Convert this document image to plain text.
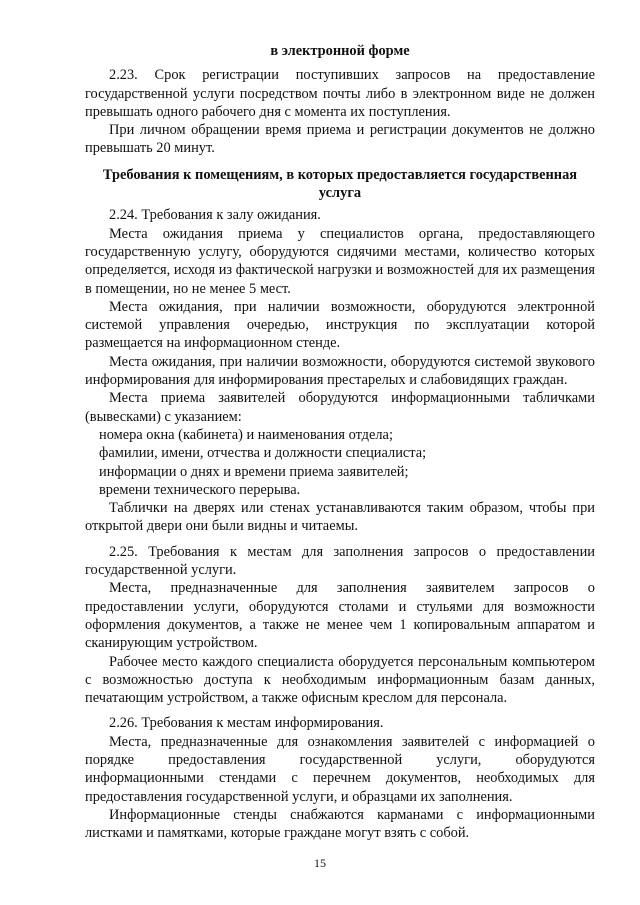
в электронной форме

2.23. Срок регистрации поступивших запросов на предоставление государственной услуги посредством почты либо в электронном виде не должен превышать одного рабочего дня с момента их поступления.

При личном обращении время приема и регистрации документов не должно превышать 20 минут.

Требования к помещениям, в которых предоставляется государственная услуга

2.24. Требования к залу ожидания.

Места ожидания приема у специалистов органа, предоставляющего государственную услугу, оборудуются сидячими местами, количество которых определяется, исходя из фактической нагрузки и возможностей для их размещения в помещении, но не менее 5 мест.

Места ожидания, при наличии возможности, оборудуются электронной системой управления очередью, инструкция по эксплуатации которой размещается на информационном стенде.

Места ожидания, при наличии возможности, оборудуются системой звукового информирования для информирования престарелых и слабовидящих граждан.

Места приема заявителей оборудуются информационными табличками (вывесками) с указанием:

номера окна (кабинета) и наименования отдела;

фамилии, имени, отчества и должности специалиста;

информации о днях и времени приема заявителей;

времени технического перерыва.

Таблички на дверях или стенах устанавливаются таким образом, чтобы при открытой двери они были видны и читаемы.

2.25. Требования к местам для заполнения запросов о предоставлении государственной услуги.

Места, предназначенные для заполнения заявителем запросов о предоставлении услуги, оборудуются столами и стульями для возможности оформления документов, а также не менее чем 1 копировальным аппаратом и сканирующим устройством.

Рабочее место каждого специалиста оборудуется персональным компьютером с возможностью доступа к необходимым информационным базам данных, печатающим устройством, а также офисным креслом для персонала.

2.26. Требования к местам информирования.

Места, предназначенные для ознакомления заявителей с информацией о порядке предоставления государственной услуги, оборудуются информационными стендами с перечнем документов, необходимых для предоставления государственной услуги, и образцами их заполнения.

Информационные стенды снабжаются карманами с информационными листками и памятками, которые граждане могут взять с собой.

15
